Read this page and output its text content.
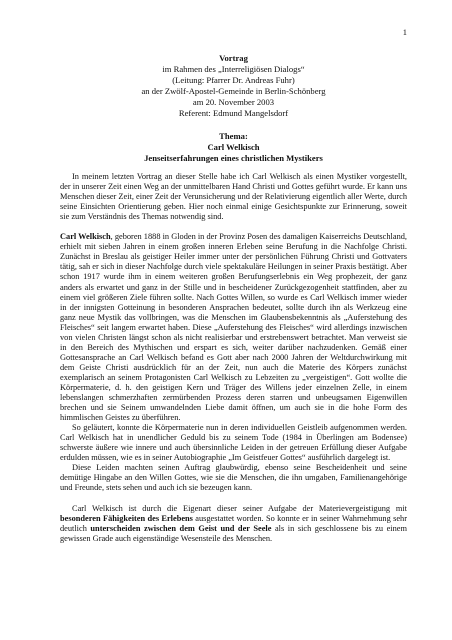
1
Vortrag
im Rahmen des „Interreligiösen Dialogs“
(Leitung: Pfarrer Dr. Andreas Fuhr)
an der Zwölf-Apostel-Gemeinde in Berlin-Schönberg
am 20. November 2003
Referent: Edmund Mangelsdorf
Thema:
Carl Welkisch
Jenseitserfahrungen eines christlichen Mystikers

In meinem letzten Vortrag an dieser Stelle habe ich Carl Welkisch als einen Mystiker vorgestellt, der in unserer Zeit einen Weg an der unmittelbaren Hand Christi und Gottes geführt wurde. Er kann uns Menschen dieser Zeit, einer Zeit der Verunsicherung und der Relativierung eigentlich aller Werte, durch seine Einsichten Orientierung geben. Hier noch einmal einige Gesichtspunkte zur Erinnerung, soweit sie zum Verständnis des Themas notwendig sind.

Carl Welkisch, geboren 1888 in Gloden in der Provinz Posen des damaligen Kaiserreichs Deutschland, erhielt mit sieben Jahren in einem großen inneren Erleben seine Berufung in die Nachfolge Christi. Zunächst in Breslau als geistiger Heiler immer unter der persönlichen Führung Christi und Gottvaters tätig, sah er sich in dieser Nachfolge durch viele spektakuläre Heilungen in seiner Praxis bestätigt. Aber schon 1917 wurde ihm in einem weiteren großen Berufungserlebnis ein Weg prophezeit, der ganz anders als erwartet und ganz in der Stille und in bescheidener Zurückgezogenheit stattfinden, aber zu einem viel größeren Ziele führen sollte. Nach Gottes Willen, so wurde es Carl Welkisch immer wieder in der innigsten Gotteinung in besonderen Ansprachen bedeutet, sollte durch ihn als Werkzeug eine ganz neue Mystik das vollbringen, was die Menschen im Glaubensbekenntnis als „Auferstehung des Fleisches“ seit langem erwartet haben. Diese „Auferstehung des Fleisches“ wird allerdings inzwischen von vielen Christen längst schon als nicht realisierbar und erstrebenswert betrachtet. Man verweist sie in den Bereich des Mythischen und erspart es sich, weiter darüber nachzudenken. Gemäß einer Gottesansprache an Carl Welkisch befand es Gott aber nach 2000 Jahren der Weltdurchwirkung mit dem Geiste Christi ausdrücklich für an der Zeit, nun auch die Materie des Körpers zunächst exemplarisch an seinem Protagonisten Carl Welkisch zu Lebzeiten zu „vergeistigen“. Gott wollte die Körpermaterie, d. h. den geistigen Kern und Träger des Willens jeder einzelnen Zelle, in einem lebenslangen schmerzhaften zermürbenden Prozess deren starren und unbeugsamen Eigenwillen brechen und sie Seinem umwandelnden Liebe damit öffnen, um auch sie in die hohe Form des himmlischen Geistes zu überführen.

So geläutert, konnte die Körpermaterie nun in deren individuellen Geistleib aufgenommen werden. Carl Welkisch hat in unendlicher Geduld bis zu seinem Tode (1984 in Überlingen am Bodensee) schwerste äußere wie innere und auch übersinnliche Leiden in der getreuen Erfüllung dieser Aufgabe erdulden müssen, wie es in seiner Autobiographie „Im Geistfeuer Gottes“ ausführlich dargelegt ist.

Diese Leiden machten seinen Auftrag glaubwürdig, ebenso seine Bescheidenheit und seine demütige Hingabe an den Willen Gottes, wie sie die Menschen, die ihn umgaben, Familienangehörige und Freunde, stets sehen und auch ich sie bezeugen kann.

Carl Welkisch ist durch die Eigenart dieser seiner Aufgabe der Materievergeistigung mit besonderen Fähigkeiten des Erlebens ausgestattet worden. So konnte er in seiner Wahrnehmung sehr deutlich unterscheiden zwischen dem Geist und der Seele als in sich geschlossene bis zu einem gewissen Grade auch eigenständige Wesensteile des Menschen.
